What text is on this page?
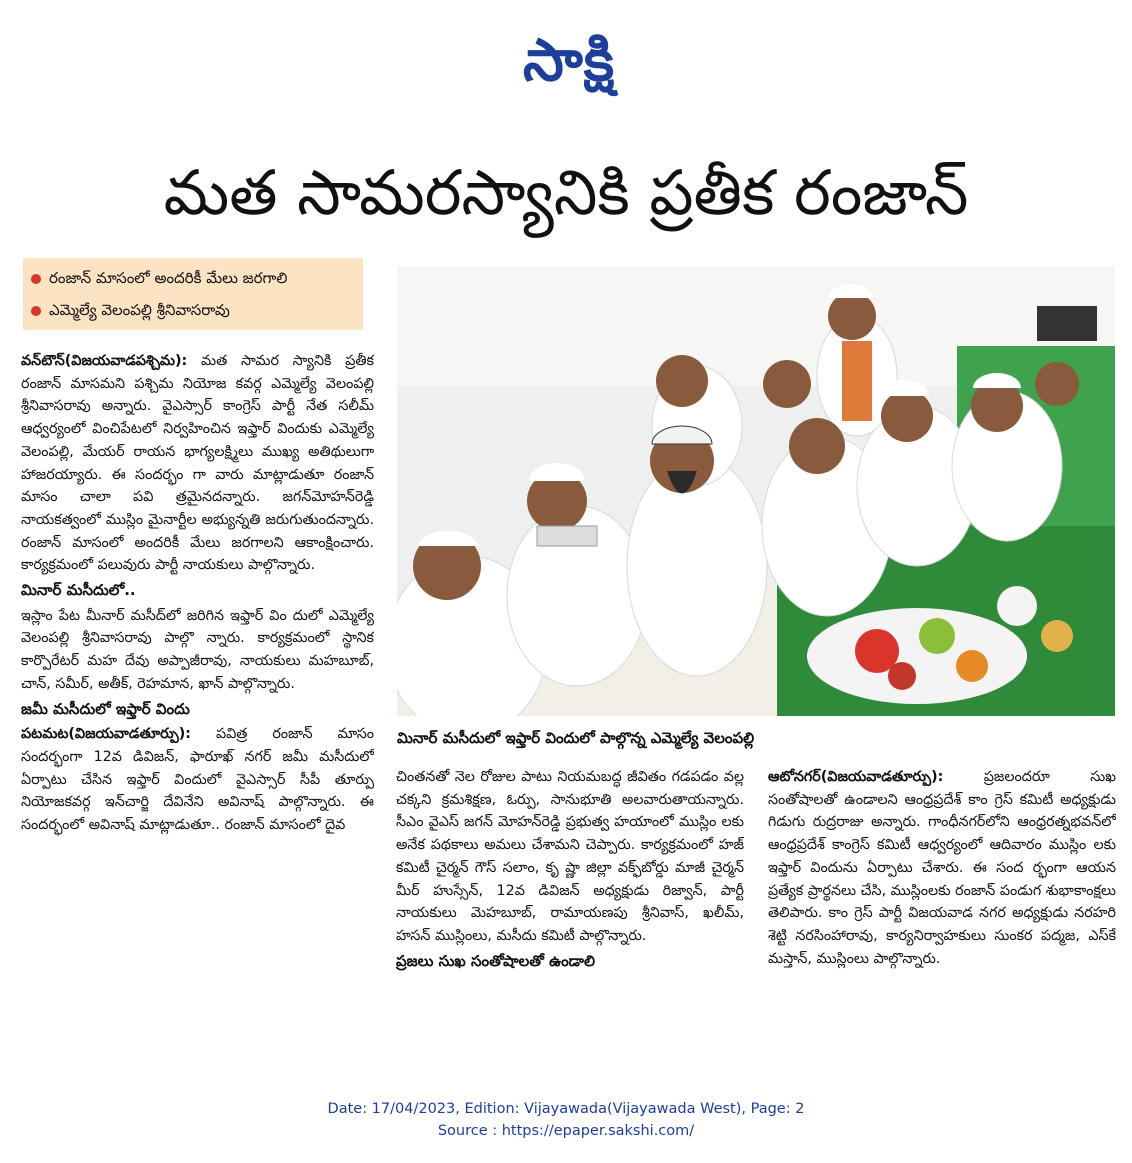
సాక్షి
మత సామరస్యానికి ప్రతీక రంజాన్
రంజాన్ మాసంలో అందరికీ మేలు జరగాలి
ఎమ్మెల్యే వెలంపల్లి శ్రీనివాసరావు
మినార్ మసీదులో ఇఫ్తార్ విందులో పాల్గొన్న ఎమ్మెల్యే వెలంపల్లి

వన్‌టౌన్(విజయవాడపశ్చిమ): మత సామర స్యానికి ప్రతీక రంజాన్ మాసమని పశ్చిమ నియోజ కవర్గ ఎమ్మెల్యే వెలంపల్లి శ్రీనివాసరావు అన్నారు. వైఎస్సార్ కాంగ్రెస్ పార్టీ నేత సలీమ్ ఆధ్వర్యంలో వించిపేటలో నిర్వహించిన ఇఫ్తార్ విందుకు ఎమ్మెల్యే వెలంపల్లి, మేయర్ రాయన భాగ్యలక్ష్మిలు ముఖ్య అతిథులుగా హాజరయ్యారు. ఈ సందర్భం గా వారు మాట్లాడుతూ రంజాన్ మాసం చాలా పవి త్రమైనదన్నారు. జగన్‌మోహన్‌రెడ్డి నాయకత్వంలో ముస్లిం మైనార్టీల అభ్యున్నతి జరుగుతుందన్నారు. రంజాన్ మాసంలో అందరికీ మేలు జరగాలని ఆకాంక్షించారు. కార్యక్రమంలో పలువురు పార్టీ నాయకులు పాల్గొన్నారు.

మినార్ మసీదులో..

ఇస్లాం పేట మీనార్ మసీద్‌లో జరిగిన ఇఫ్తార్ విం దులో ఎమ్మెల్యే వెలంపల్లి శ్రీనివాసరావు పాల్గొ న్నారు. కార్యక్రమంలో స్థానిక కార్పొరేటర్ మహ దేవు అప్పాజీరావు, నాయకులు మహబూబ్, చాన్, సమీర్, అతీక్, రెహమాన, ఖాన్ పాల్గొన్నారు.

జమీ మసీదులో ఇఫ్తార్ విందు

పటమట(విజయవాడతూర్పు): పవిత్ర రంజాన్ మాసం సందర్భంగా 12వ డివిజన్, ఫారూఖ్ నగర్ జమీ మసీదులో ఏర్పాటు చేసిన ఇఫ్తార్ విందులో వైఎస్సార్ సీపీ తూర్పు నియోజకవర్గ ఇన్‌చార్జి దేవినేని అవినాష్ పాల్గొన్నారు. ఈ సందర్భంలో అవినాష్ మాట్లాడుతూ.. రంజాన్ మాసంలో దైవ

చింతనతో నెల రోజుల పాటు నియమబద్ధ జీవితం గడపడం వల్ల చక్కని క్రమశిక్షణ, ఓర్పు, సానుభూతి అలవారుతాయన్నారు. సీఎం వైఎస్ జగన్ మోహన్‌రెడ్డి ప్రభుత్వ హయాంలో ముస్లిం లకు అనేక పథకాలు అమలు చేశామని చెప్పారు. కార్యక్రమంలో హజ్ కమిటీ చైర్మన్ గౌస్ సలాం, కృ ష్ణా జిల్లా వక్ఫ్‌బోర్డు మాజీ చైర్మన్ మీర్ హుస్సేన్, 12వ డివిజన్ అధ్యక్షుడు రిజ్వాన్, పార్టీ నాయకులు మెహబూబ్, రామాయణపు శ్రీనివాస్, ఖలీమ్, హసన్ ముస్లింలు, మసీదు కమిటీ పాల్గొన్నారు.

ప్రజలు సుఖ సంతోషాలతో ఉండాలి

ఆటోనగర్(విజయవాడతూర్పు):	ప్రజలందరూ సుఖ సంతోషాలతో ఉండాలని ఆంధ్రప్రదేశ్ కాం గ్రెస్ కమిటీ అధ్యక్షుడు గిడుగు రుద్రరాజు అన్నారు. గాంధీనగర్‌లోని ఆంధ్రరత్నభవన్‌లో ఆంధ్రప్రదేశ్ కాంగ్రెస్ కమిటీ ఆధ్వర్యంలో ఆదివారం ముస్లిం లకు ఇఫ్తార్ విందును ఏర్పాటు చేశారు. ఈ సంద ర్భంగా ఆయన ప్రత్యేక ప్రార్థనలు చేసి, ముస్లింలకు రంజాన్ పండుగ శుభాకాంక్షలు తెలిపారు. కాం గ్రెస్ పార్టీ విజయవాడ నగర అధ్యక్షుడు నరహరి శెట్టి నరసింహారావు, కార్యనిర్వాహకులు సుంకర పద్మజ, ఎస్‌కే మస్తాన్, ముస్లింలు పాల్గొన్నారు.

Date: 17/04/2023, Edition: Vijayawada(Vijayawada West), Page: 2
Source : https://epaper.sakshi.com/
